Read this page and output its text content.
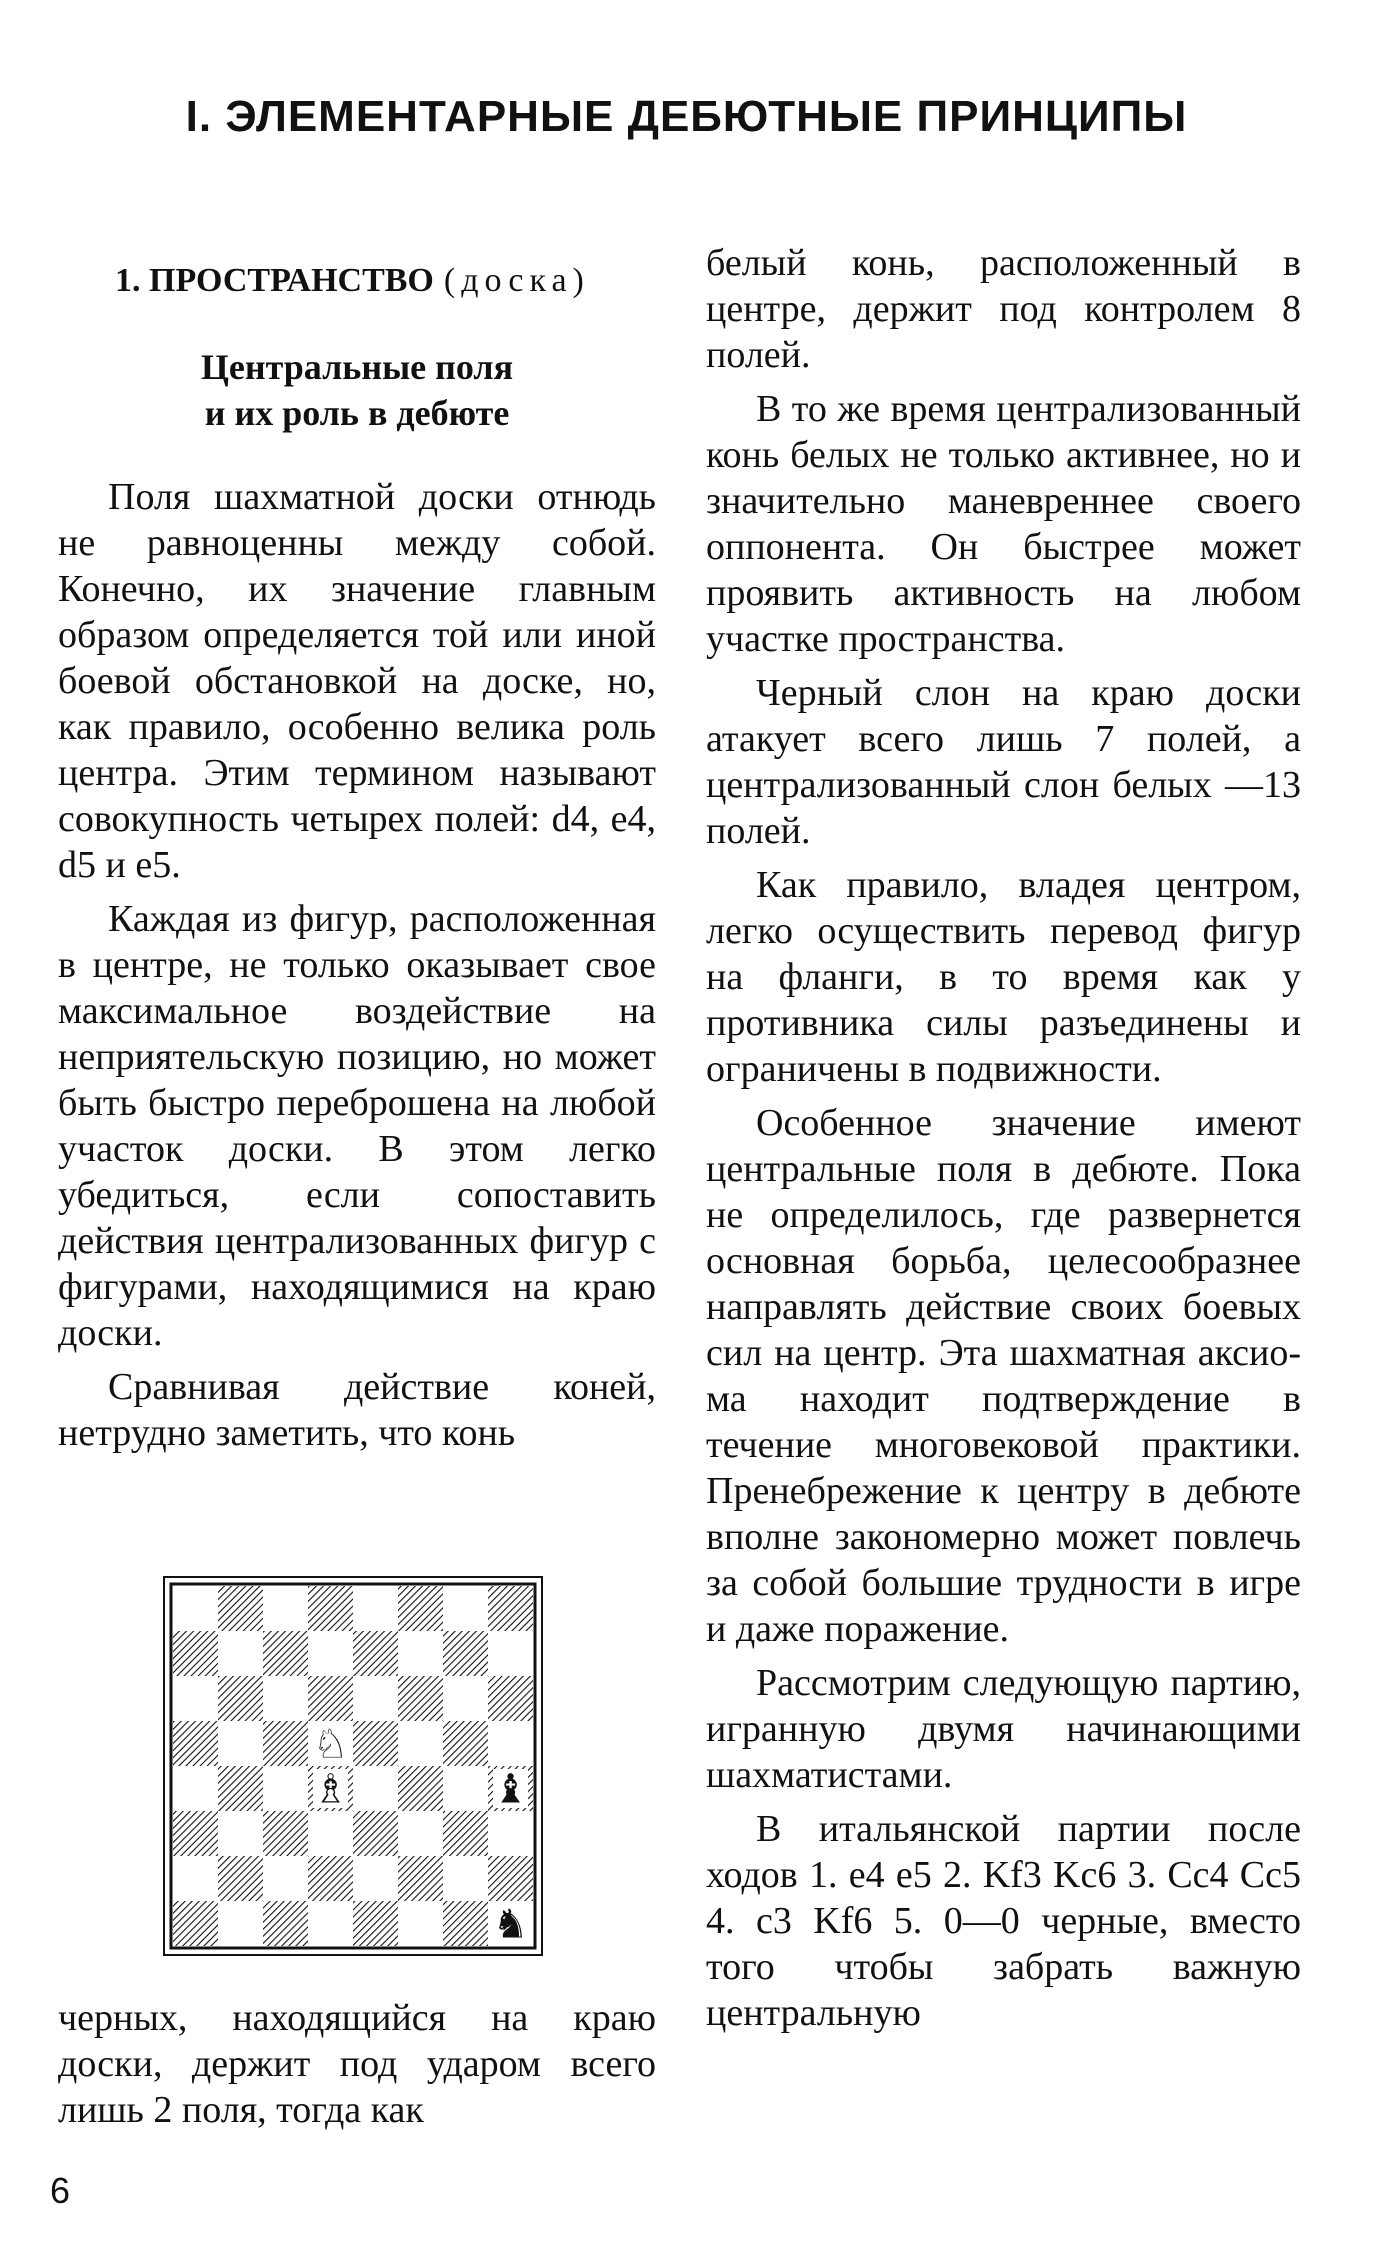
I. ЭЛЕМЕНТАРНЫЕ ДЕБЮТНЫЕ ПРИНЦИПЫ
1. ПРОСТРАНСТВО (доска)
Центральные поля
и их роль в дебюте

Поля шахматной доски отнюдь не равноценны между собой. Конечно, их значение главным образом определяется той или иной боевой обстановкой на доске, но, как правило, особенно велика роль центра. Этим термином называют совокупность четырех полей: d4, e4, d5 и e5.

Каждая из фигур, расположенная в центре, не только оказывает свое максимальное воздействие на неприятельскую позицию, но может быть быстро переброшена на любой участок доски. В этом легко убедиться, если сопоставить действия централизованных фигур с фигурами, находящимися на краю доски.

Сравнивая действие коней, нетрудно заметить, что конь

♘
♗	♝
♞

черных, находящийся на краю доски, держит под ударом всего лишь 2 поля, тогда как

белый конь, расположенный в центре, держит под контролем 8 полей.

В то же время централизованный конь белых не только активнее, но и значительно маневреннее своего оппонента. Он быстрее может проявить активность на любом участке пространства.

Черный слон на краю доски атакует всего лишь 7 полей, а централизованный слон белых —13 полей.

Как правило, владея центром, легко осуществить перевод фигур на фланги, в то время как у противника силы разъединены и ограничены в подвижности.

Особенное значение имеют центральные поля в дебюте. Пока не определилось, где развернется основная борьба, целесообразнее направлять действие своих боевых сил на центр. Эта шахматная аксиома находит подтверждение в течение многовековой практики. Пренебрежение к центру в дебюте вполне закономерно может повлечь за собой большие трудности в игре и даже поражение.

Рассмотрим следующую партию, игранную двумя начинающими шахматистами.

В итальянской партии после ходов 1. e4 e5 2. Kf3 Kc6 3. Cc4 Cc5 4. c3 Kf6 5. 0—0 черные, вместо того чтобы забрать важную центральную

6
